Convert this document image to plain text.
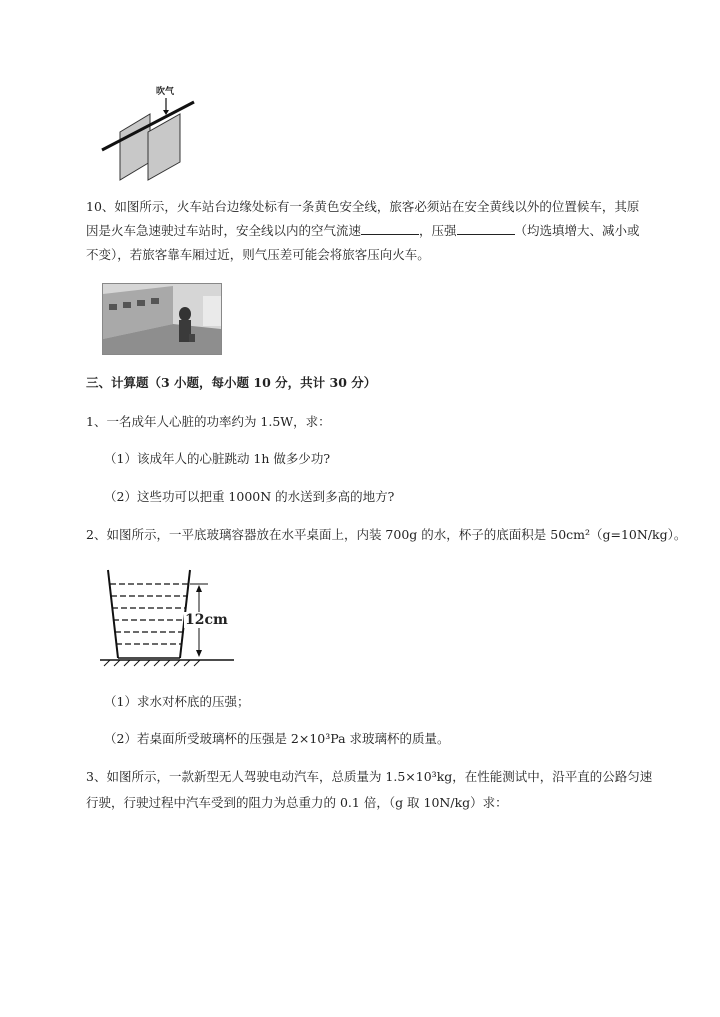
吹气
10、如图所示，火车站台边缘处标有一条黄色安全线，旅客必须站在安全黄线以外的位置候车，其原
因是火车急速驶过车站时，安全线以内的空气流速	，压强	（均选填增大、减小或
不变），若旅客靠车厢过近，则气压差可能会将旅客压向火车。
三、计算题（3 小题，每小题 10 分，共计 30 分）
1、一名成年人心脏的功率约为 1.5W，求：
（1）该成年人的心脏跳动 1h 做多少功?
（2）这些功可以把重 1000N 的水送到多高的地方?
2、如图所示，一平底玻璃容器放在水平桌面上，内装 700g 的水，杯子的底面积是 50cm²（g=10N/kg）。
12cm
（1）求水对杯底的压强；
（2）若桌面所受玻璃杯的压强是 2×10³Pa 求玻璃杯的质量。
3、如图所示，一款新型无人驾驶电动汽车，总质量为 1.5×10³kg，在性能测试中，沿平直的公路匀速
行驶，行驶过程中汽车受到的阻力为总重力的 0.1 倍，（g 取 10N/kg）求：
